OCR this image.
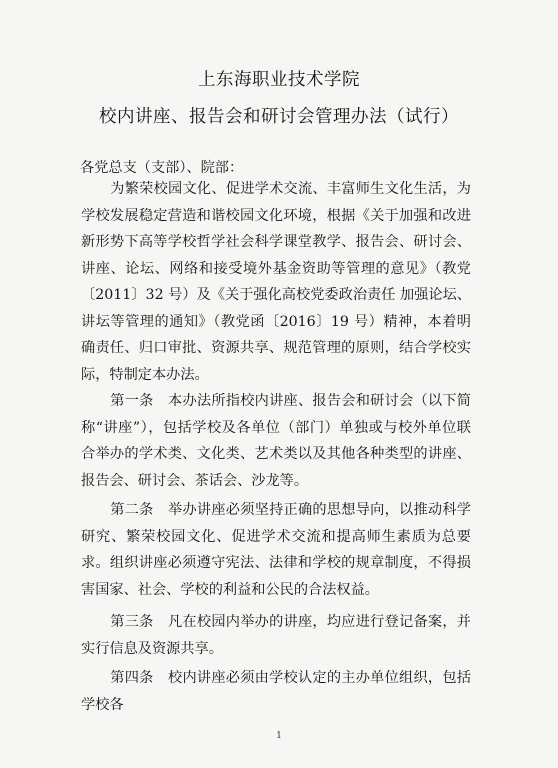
上东海职业技术学院
校内讲座、报告会和研讨会管理办法（试行）

各党总支（支部）、院部：

为繁荣校园文化、促进学术交流、丰富师生文化生活，为学校发展稳定营造和谐校园文化环境，根据《关于加强和改进新形势下高等学校哲学社会科学课堂教学、报告会、研讨会、讲座、论坛、网络和接受境外基金资助等管理的意见》（教党〔2011〕32 号）及《关于强化高校党委政治责任 加强论坛、讲坛等管理的通知》（教党函〔2016〕19 号）精神，本着明确责任、归口审批、资源共享、规范管理的原则，结合学校实际，特制定本办法。

第一条　本办法所指校内讲座、报告会和研讨会（以下简称“讲座”），包括学校及各单位（部门）单独或与校外单位联合举办的学术类、文化类、艺术类以及其他各种类型的讲座、报告会、研讨会、茶话会、沙龙等。

第二条　举办讲座必须坚持正确的思想导向，以推动科学研究、繁荣校园文化、促进学术交流和提高师生素质为总要求。组织讲座必须遵守宪法、法律和学校的规章制度，不得损害国家、社会、学校的利益和公民的合法权益。

第三条　凡在校园内举办的讲座，均应进行登记备案，并实行信息及资源共享。

第四条　校内讲座必须由学校认定的主办单位组织，包括学校各

1
